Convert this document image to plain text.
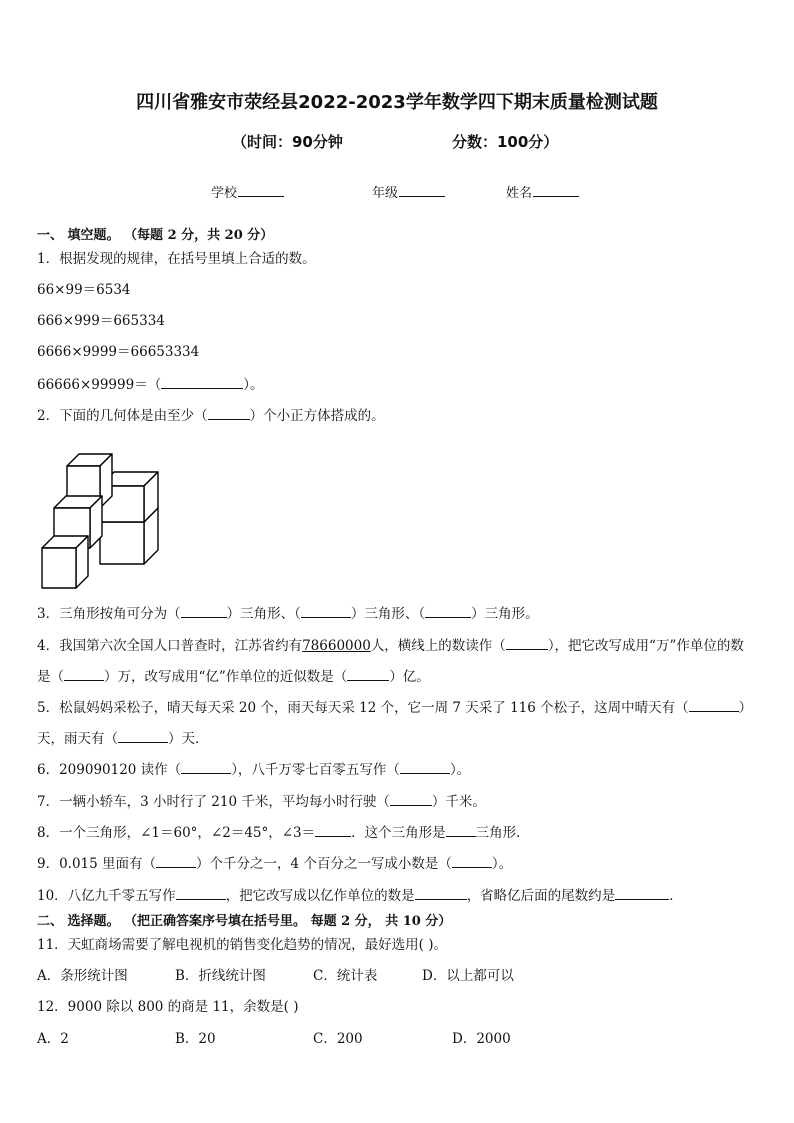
四川省雅安市荥经县2022-2023学年数学四下期末质量检测试题
（时间：90分钟	分数：100分）
学校	年级	姓名
一、 填空题。 （每题 2 分，共 20 分）
1．根据发现的规律，在括号里填上合适的数。
66×99＝6534
666×999＝665334
6666×9999＝66653334
66666×99999＝（	）。
2．下面的几何体是由至少（	）个小正方体搭成的。
3．三角形按角可分为（	）三角形、（	）三角形、（	）三角形。
4．我国第六次全国人口普查时，江苏省约有78660000人，横线上的数读作（	），把它改写成用“万”作单位的数
是（	）万，改写成用“亿”作单位的近似数是（	）亿。
5．松鼠妈妈采松子，晴天每天采 20 个，雨天每天采 12 个，它一周 7 天采了 116 个松子，这周中晴天有（	）
天，雨天有（	）天．
6．209090120 读作（	），八千万零七百零五写作（	）。
7．一辆小轿车，3 小时行了 210 千米，平均每小时行驶（	）千米。
8．一个三角形，∠1＝60°，∠2＝45°，∠3＝	．这个三角形是 三角形．
9．0.015 里面有（	）个千分之一，4 个百分之一写成小数是（	）。
10．八亿九千零五写作	，把它改写成以亿作单位的数是	，省略亿后面的尾数约是	．
二、 选择题。 （把正确答案序号填在括号里。 每题 2 分， 共 10 分）
11．天虹商场需要了解电视机的销售变化趋势的情况，最好选用( )。
A．条形统计图	B．折线统计图	C．统计表	D．以上都可以
12．9000 除以 800 的商是 11，余数是( )
A．2	B．20	C．200	D．2000
